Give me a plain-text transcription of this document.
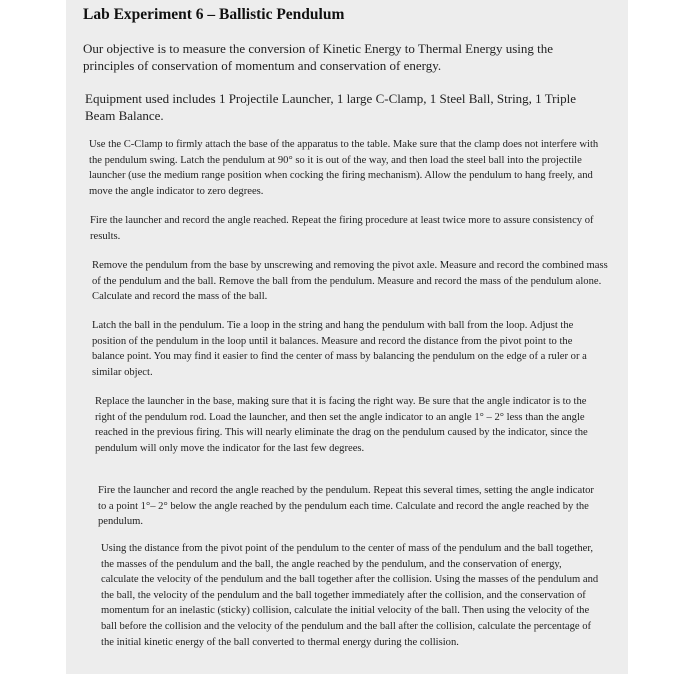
Lab Experiment 6 – Ballistic Pendulum

Our objective is to measure the conversion of Kinetic Energy to Thermal Energy using the principles of conservation of momentum and conservation of energy.

Equipment used includes 1 Projectile Launcher, 1 large C-Clamp, 1 Steel Ball, String, 1 Triple Beam Balance.

Use the C-Clamp to firmly attach the base of the apparatus to the table. Make sure that the clamp does not interfere with the pendulum swing. Latch the pendulum at 90° so it is out of the way, and then load the steel ball into the projectile launcher (use the medium range position when cocking the firing mechanism). Allow the pendulum to hang freely, and move the angle indicator to zero degrees.

Fire the launcher and record the angle reached. Repeat the firing procedure at least twice more to assure consistency of results.

Remove the pendulum from the base by unscrewing and removing the pivot axle. Measure and record the combined mass of the pendulum and the ball. Remove the ball from the pendulum. Measure and record the mass of the pendulum alone. Calculate and record the mass of the ball.

Latch the ball in the pendulum. Tie a loop in the string and hang the pendulum with ball from the loop. Adjust the position of the pendulum in the loop until it balances. Measure and record the distance from the pivot point to the balance point. You may find it easier to find the center of mass by balancing the pendulum on the edge of a ruler or a similar object.

Replace the launcher in the base, making sure that it is facing the right way. Be sure that the angle indicator is to the right of the pendulum rod. Load the launcher, and then set the angle indicator to an angle 1° – 2° less than the angle reached in the previous firing. This will nearly eliminate the drag on the pendulum caused by the indicator, since the pendulum will only move the indicator for the last few degrees.

Fire the launcher and record the angle reached by the pendulum. Repeat this several times, setting the angle indicator to a point 1°– 2° below the angle reached by the pendulum each time. Calculate and record the angle reached by the pendulum.

Using the distance from the pivot point of the pendulum to the center of mass of the pendulum and the ball together, the masses of the pendulum and the ball, the angle reached by the pendulum, and the conservation of energy, calculate the velocity of the pendulum and the ball together after the collision. Using the masses of the pendulum and the ball, the velocity of the pendulum and the ball together immediately after the collision, and the conservation of momentum for an inelastic (sticky) collision, calculate the initial velocity of the ball. Then using the velocity of the ball before the collision and the velocity of the pendulum and the ball after the collision, calculate the percentage of the initial kinetic energy of the ball converted to thermal energy during the collision.
